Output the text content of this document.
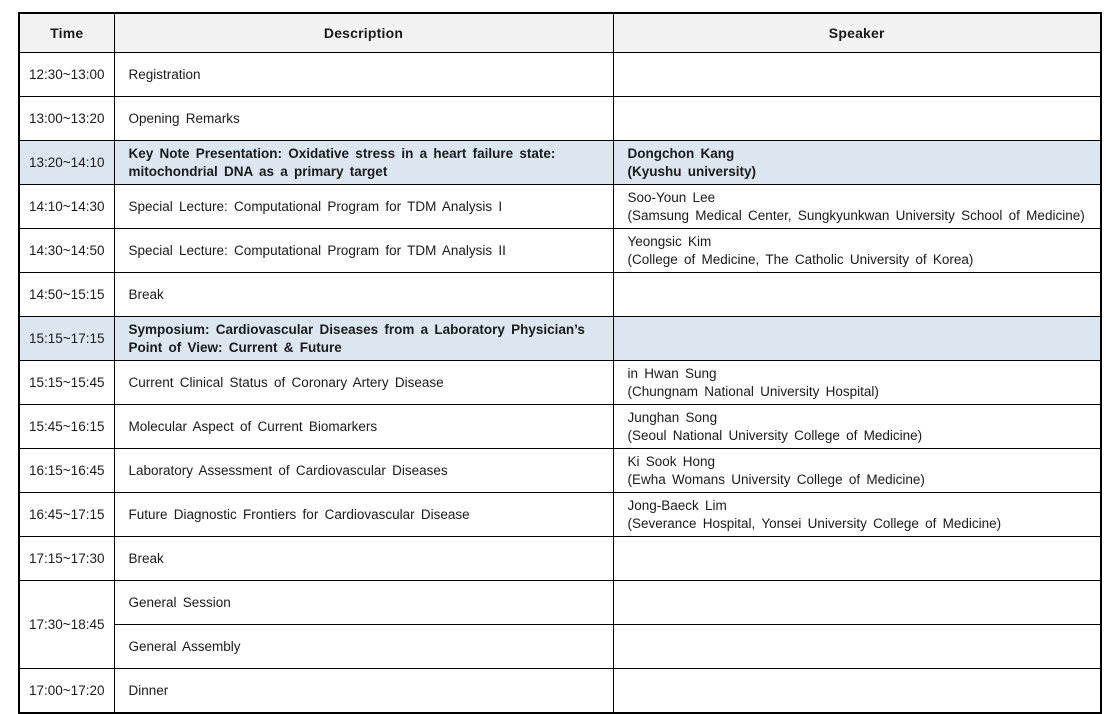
Time	Description	Speaker
12:30~13:00	Registration	
13:00~13:20	Opening Remarks	
13:20~14:10	Key Note Presentation: Oxidative stress in a heart failure state: mitochondrial DNA as a primary target	Dongchon Kang
(Kyushu university)

14:10~14:30	Special Lecture: Computational Program for TDM Analysis I	Soo-Youn Lee
(Samsung Medical Center, Sungkyunkwan University School of Medicine)

14:30~14:50	Special Lecture: Computational Program for TDM Analysis II	Yeongsic Kim
(College of Medicine, The Catholic University of Korea)

14:50~15:15	Break	
15:15~17:15	Symposium: Cardiovascular Diseases from a Laboratory Physician’s Point of View: Current & Future	
15:15~15:45	Current Clinical Status of Coronary Artery Disease	in Hwan Sung
(Chungnam National University Hospital)

15:45~16:15	Molecular Aspect of Current Biomarkers	Junghan Song
(Seoul National University College of Medicine)

16:15~16:45	Laboratory Assessment of Cardiovascular Diseases	Ki Sook Hong
(Ewha Womans University College of Medicine)

16:45~17:15	Future Diagnostic Frontiers for Cardiovascular Disease	Jong-Baeck Lim
(Severance Hospital, Yonsei University College of Medicine)

17:15~17:30	Break	
17:30~18:45	General Session	
	General Assembly	
17:00~17:20	Dinner	
